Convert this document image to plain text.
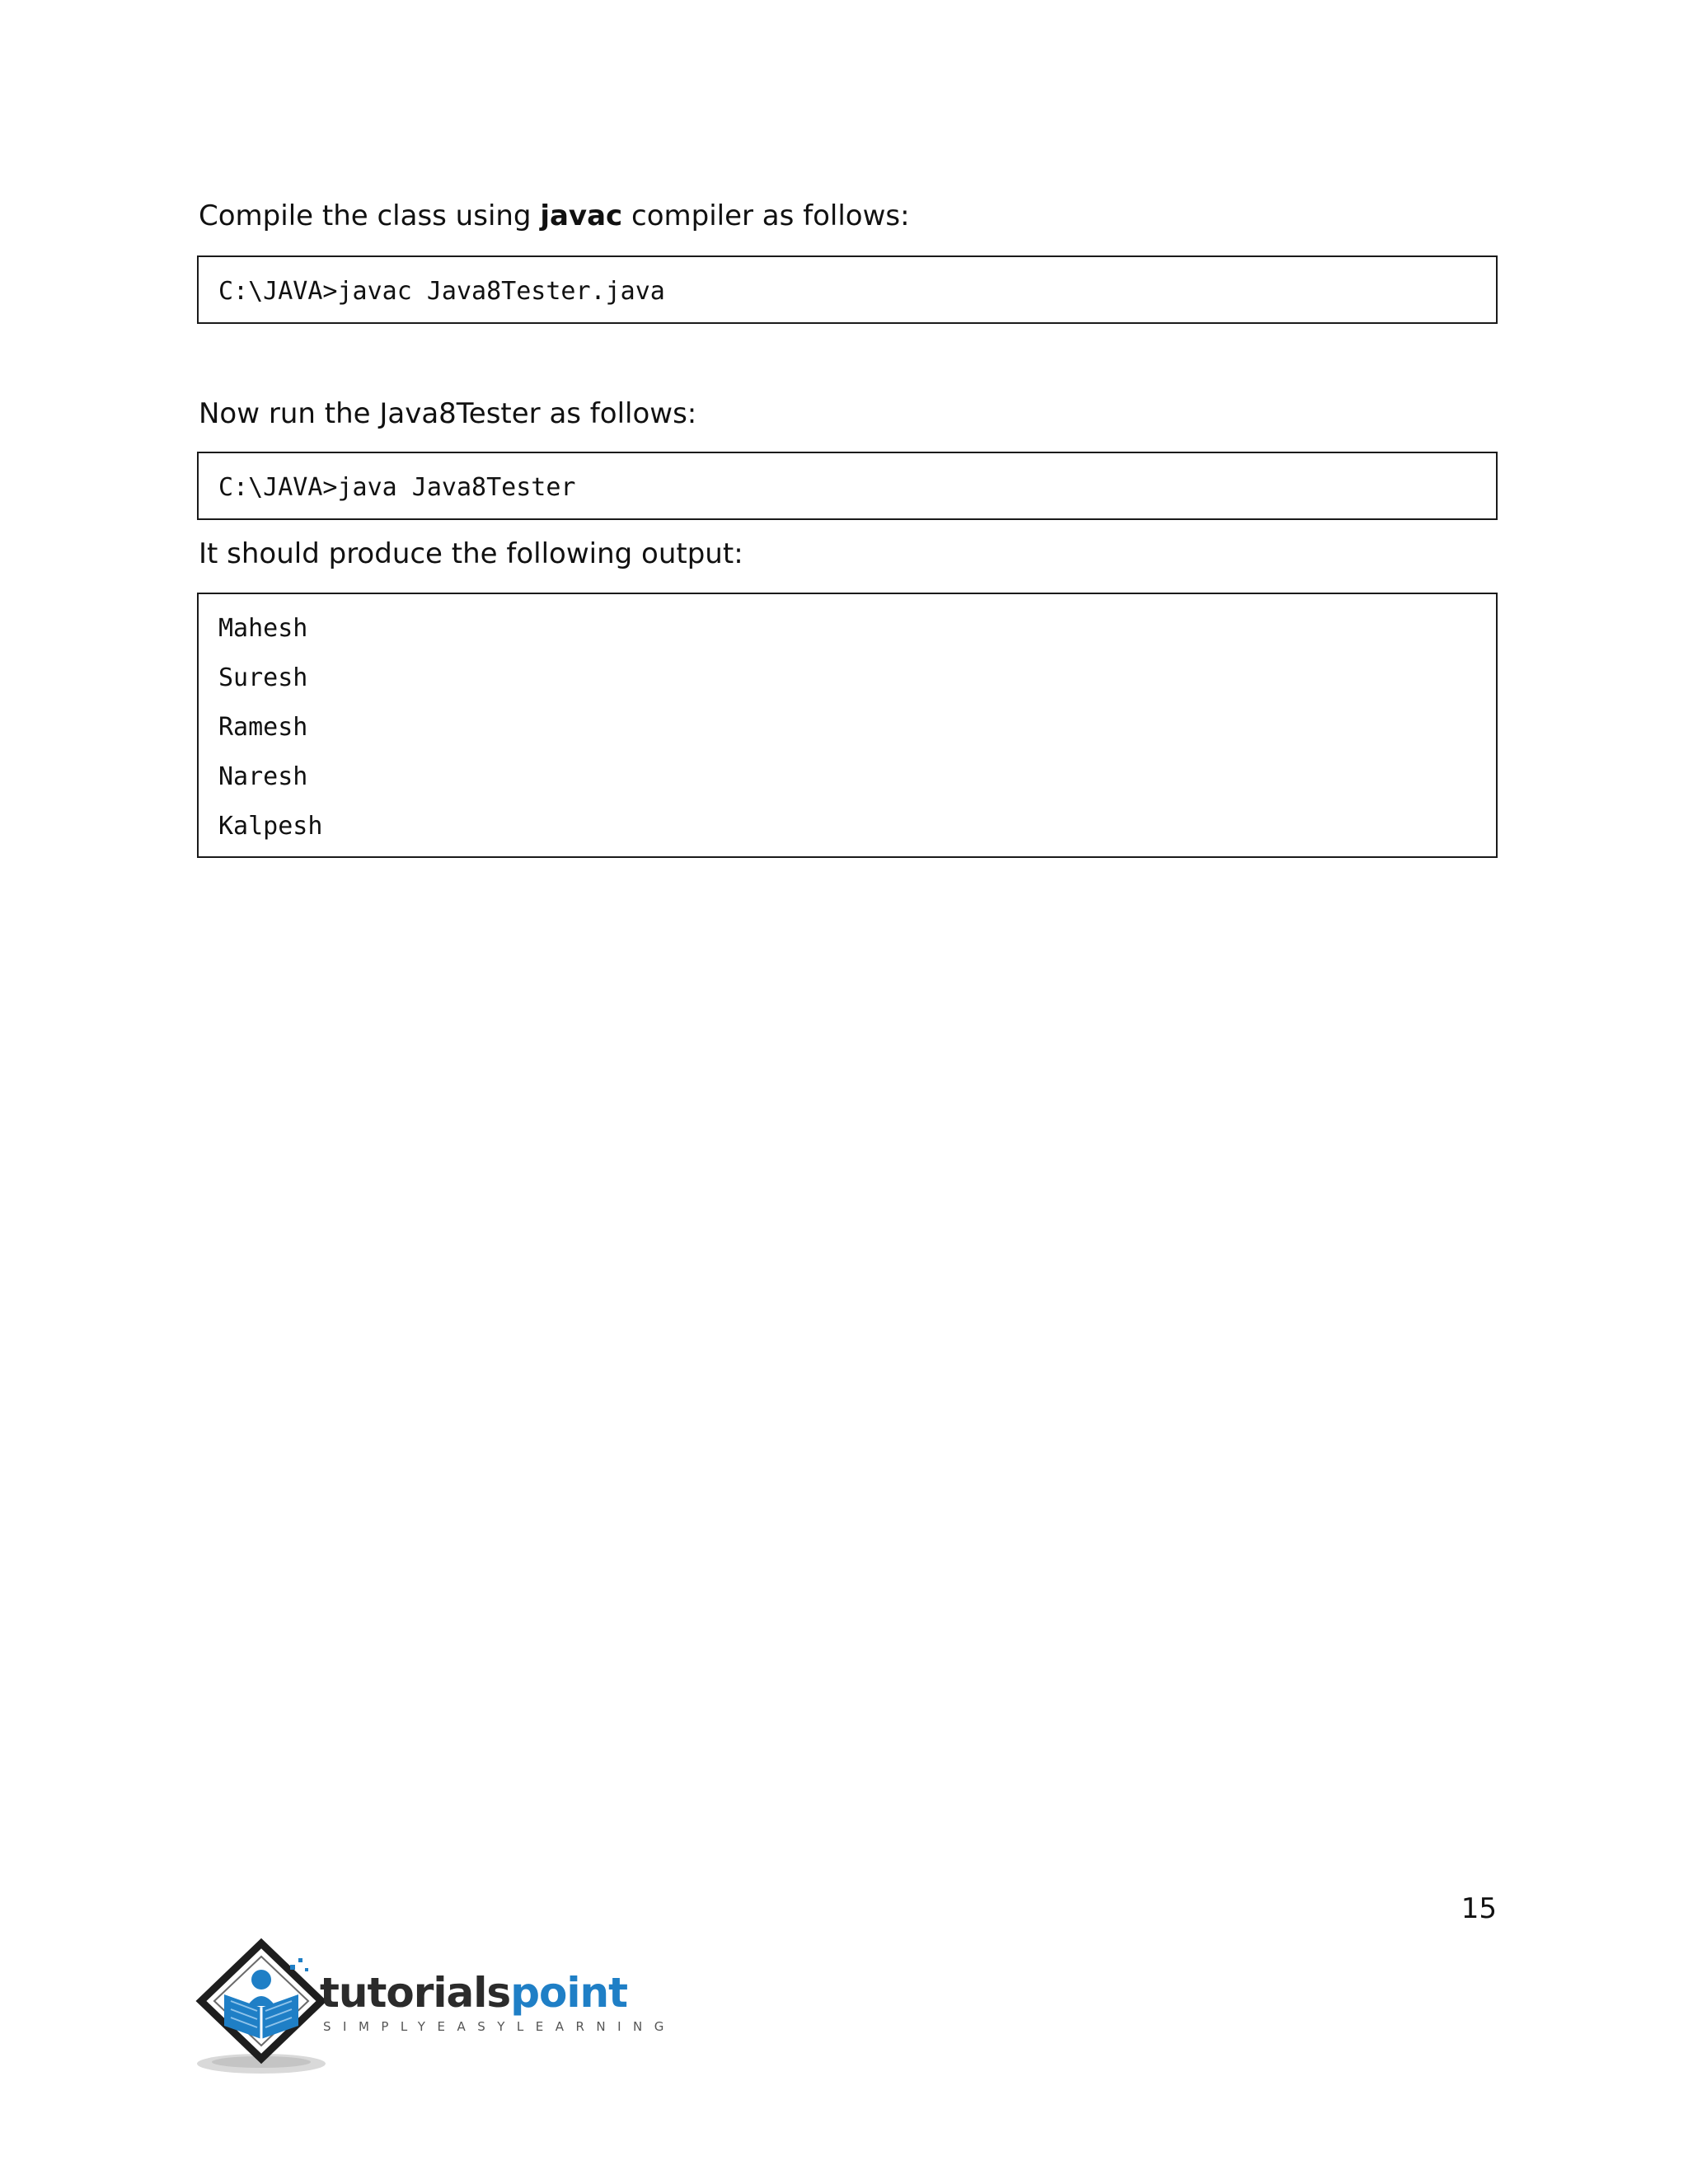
Compile the class using javac compiler as follows:

C:\JAVA>javac Java8Tester.java

Now run the Java8Tester as follows:

C:\JAVA>java Java8Tester

It should produce the following output:

Mahesh
Suresh
Ramesh
Naresh
Kalpesh
15
tutorialspoint
SIMPLYEASYLEARNING
